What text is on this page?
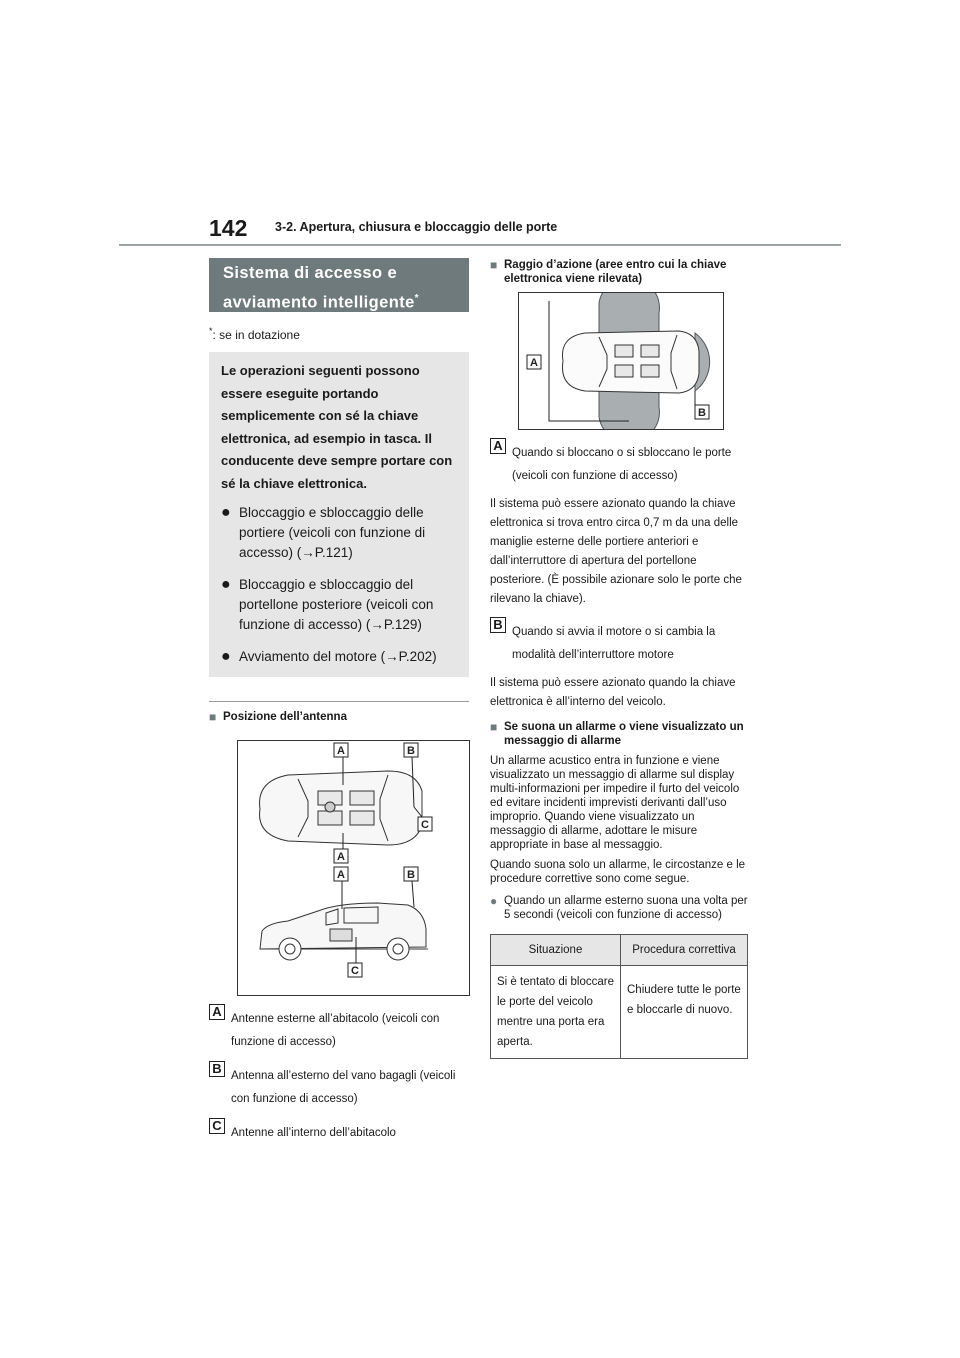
142 3-2. Apertura, chiusura e bloccaggio delle porte
Sistema di accesso e
avviamento intelligente*
*: se in dotazione
Le operazioni seguenti possono essere eseguite portando semplicemente con sé la chiave elettronica, ad esempio in tasca. Il conducente deve sempre portare con sé la chiave elettronica.
● Bloccaggio e sbloccaggio delle portiere (veicoli con funzione di accesso) (→P.121)
● Bloccaggio e sbloccaggio del portellone posteriore (veicoli con funzione di accesso) (→P.129)
● Avviamento del motore (→P.202)
■ Posizione dell’antenna
A	B
C
A
A	B
C
A Antenne esterne all’abitacolo (veicoli con funzione di accesso)
B Antenna all’esterno del vano bagagli (veicoli con funzione di accesso)
C Antenne all’interno dell’abitacolo
■ Raggio d’azione (aree entro cui la chiave elettronica viene rilevata)
A
B
A Quando si bloccano o si sbloccano le porte (veicoli con funzione di accesso)
Il sistema può essere azionato quando la chiave elettronica si trova entro circa 0,7 m da una delle maniglie esterne delle portiere anteriori e dall’interruttore di apertura del portellone posteriore. (È possibile azionare solo le porte che rilevano la chiave).
B Quando si avvia il motore o si cambia la modalità dell’interruttore motore
Il sistema può essere azionato quando la chiave elettronica è all’interno del veicolo.
■ Se suona un allarme o viene visualizzato un messaggio di allarme
Un allarme acustico entra in funzione e viene visualizzato un messaggio di allarme sul display multi-informazioni per impedire il furto del veicolo ed evitare incidenti imprevisti derivanti dall’uso improprio. Quando viene visualizzato un messaggio di allarme, adottare le misure appropriate in base al messaggio.
Quando suona solo un allarme, le circostanze e le procedure correttive sono come segue.
● Quando un allarme esterno suona una volta per 5 secondi (veicoli con funzione di accesso)
Situazione	Procedura correttiva
Si è tentato di bloccare le porte del veicolo mentre una porta era aperta.	Chiudere tutte le porte e bloccarle di nuovo.
